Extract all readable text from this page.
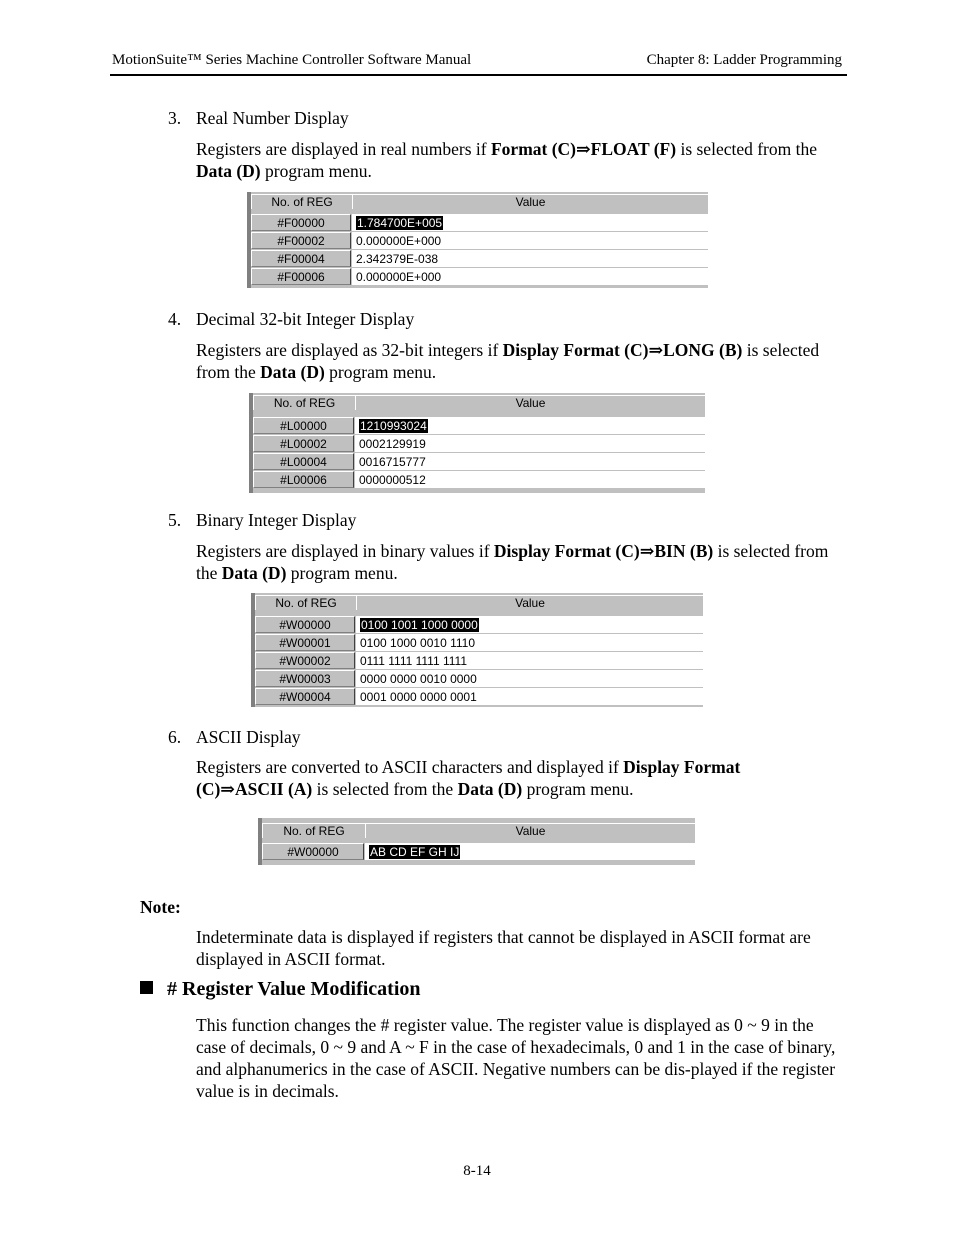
MotionSuite™ Series Machine Controller Software Manual	Chapter 8: Ladder Programming
3. Real Number Display
Registers are displayed in real numbers if Format (C)⇒FLOAT (F) is selected from the Data (D) program menu.
No. of REG	Value
#F00000	1.784700E+005
#F00002	0.000000E+000
#F00004	2.342379E-038
#F00006	0.000000E+000
4. Decimal 32-bit Integer Display
Registers are displayed as 32-bit integers if Display Format (C)⇒LONG (B) is selected from the Data (D) program menu.
No. of REG	Value
#L00000	1210993024
#L00002	0002129919
#L00004	0016715777
#L00006	0000000512
5. Binary Integer Display
Registers are displayed in binary values if Display Format (C)⇒BIN (B) is selected from the Data (D) program menu.
No. of REG	Value
#W00000	0100 1001 1000 0000
#W00001	0100 1000 0010 1110
#W00002	0111 1111 1111 1111
#W00003	0000 0000 0010 0000
#W00004	0001 0000 0000 0001
6. ASCII Display
Registers are converted to ASCII characters and displayed if Display Format (C)⇒ASCII (A) is selected from the Data (D) program menu.
No. of REG	Value
#W00000	AB CD EF GH IJ
Note:
Indeterminate data is displayed if registers that cannot be displayed in ASCII format are displayed in ASCII format.
# Register Value Modification
This function changes the # register value. The register value is displayed as 0 ~ 9 in the case of decimals, 0 ~ 9 and A ~ F in the case of hexadecimals, 0 and 1 in the case of binary, and alphanumerics in the case of ASCII. Negative numbers can be dis-played if the register value is in decimals.
8-14
